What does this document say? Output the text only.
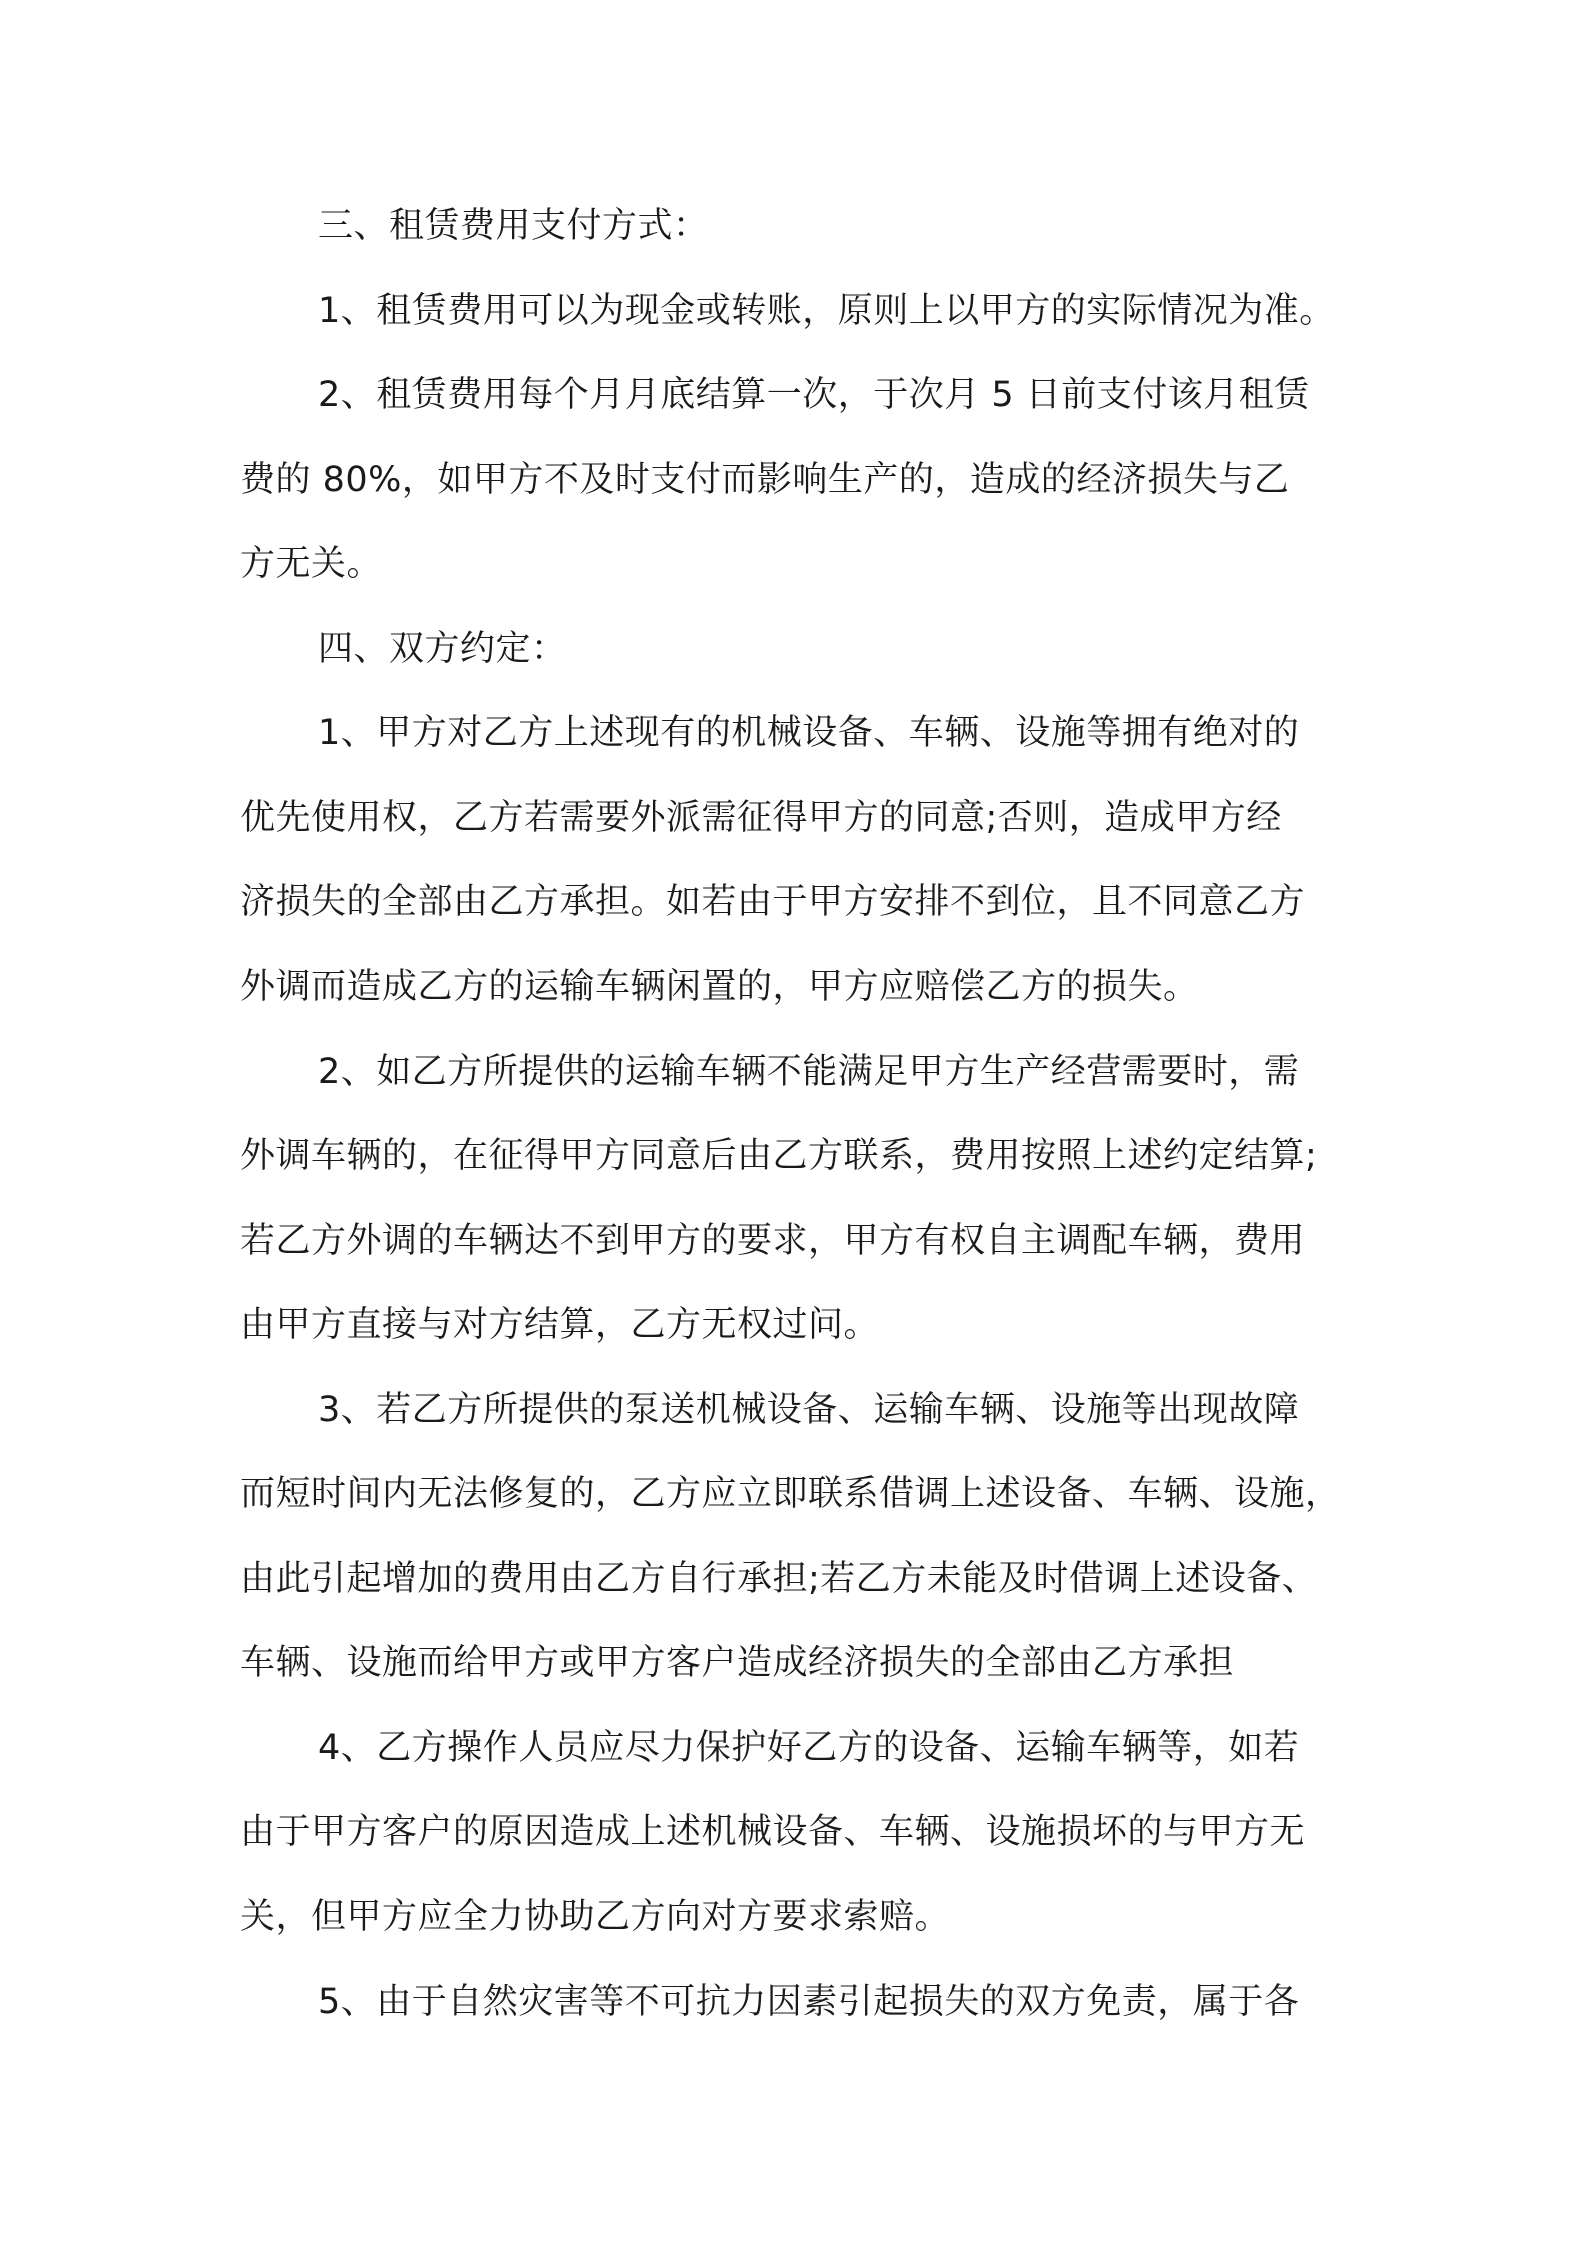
三、租赁费用支付方式：

1、租赁费用可以为现金或转账，原则上以甲方的实际情况为准。

2、租赁费用每个月月底结算一次，于次月 5 日前支付该月租赁

费的 80%，如甲方不及时支付而影响生产的，造成的经济损失与乙

方无关。

四、双方约定：

1、甲方对乙方上述现有的机械设备、车辆、设施等拥有绝对的

优先使用权，乙方若需要外派需征得甲方的同意;否则，造成甲方经

济损失的全部由乙方承担。如若由于甲方安排不到位，且不同意乙方

外调而造成乙方的运输车辆闲置的，甲方应赔偿乙方的损失。

2、如乙方所提供的运输车辆不能满足甲方生产经营需要时，需

外调车辆的，在征得甲方同意后由乙方联系，费用按照上述约定结算;

若乙方外调的车辆达不到甲方的要求，甲方有权自主调配车辆，费用

由甲方直接与对方结算，乙方无权过问。

3、若乙方所提供的泵送机械设备、运输车辆、设施等出现故障

而短时间内无法修复的，乙方应立即联系借调上述设备、车辆、设施，

由此引起增加的费用由乙方自行承担;若乙方未能及时借调上述设备、

车辆、设施而给甲方或甲方客户造成经济损失的全部由乙方承担

4、乙方操作人员应尽力保护好乙方的设备、运输车辆等，如若

由于甲方客户的原因造成上述机械设备、车辆、设施损坏的与甲方无

关，但甲方应全力协助乙方向对方要求索赔。

5、由于自然灾害等不可抗力因素引起损失的双方免责，属于各
